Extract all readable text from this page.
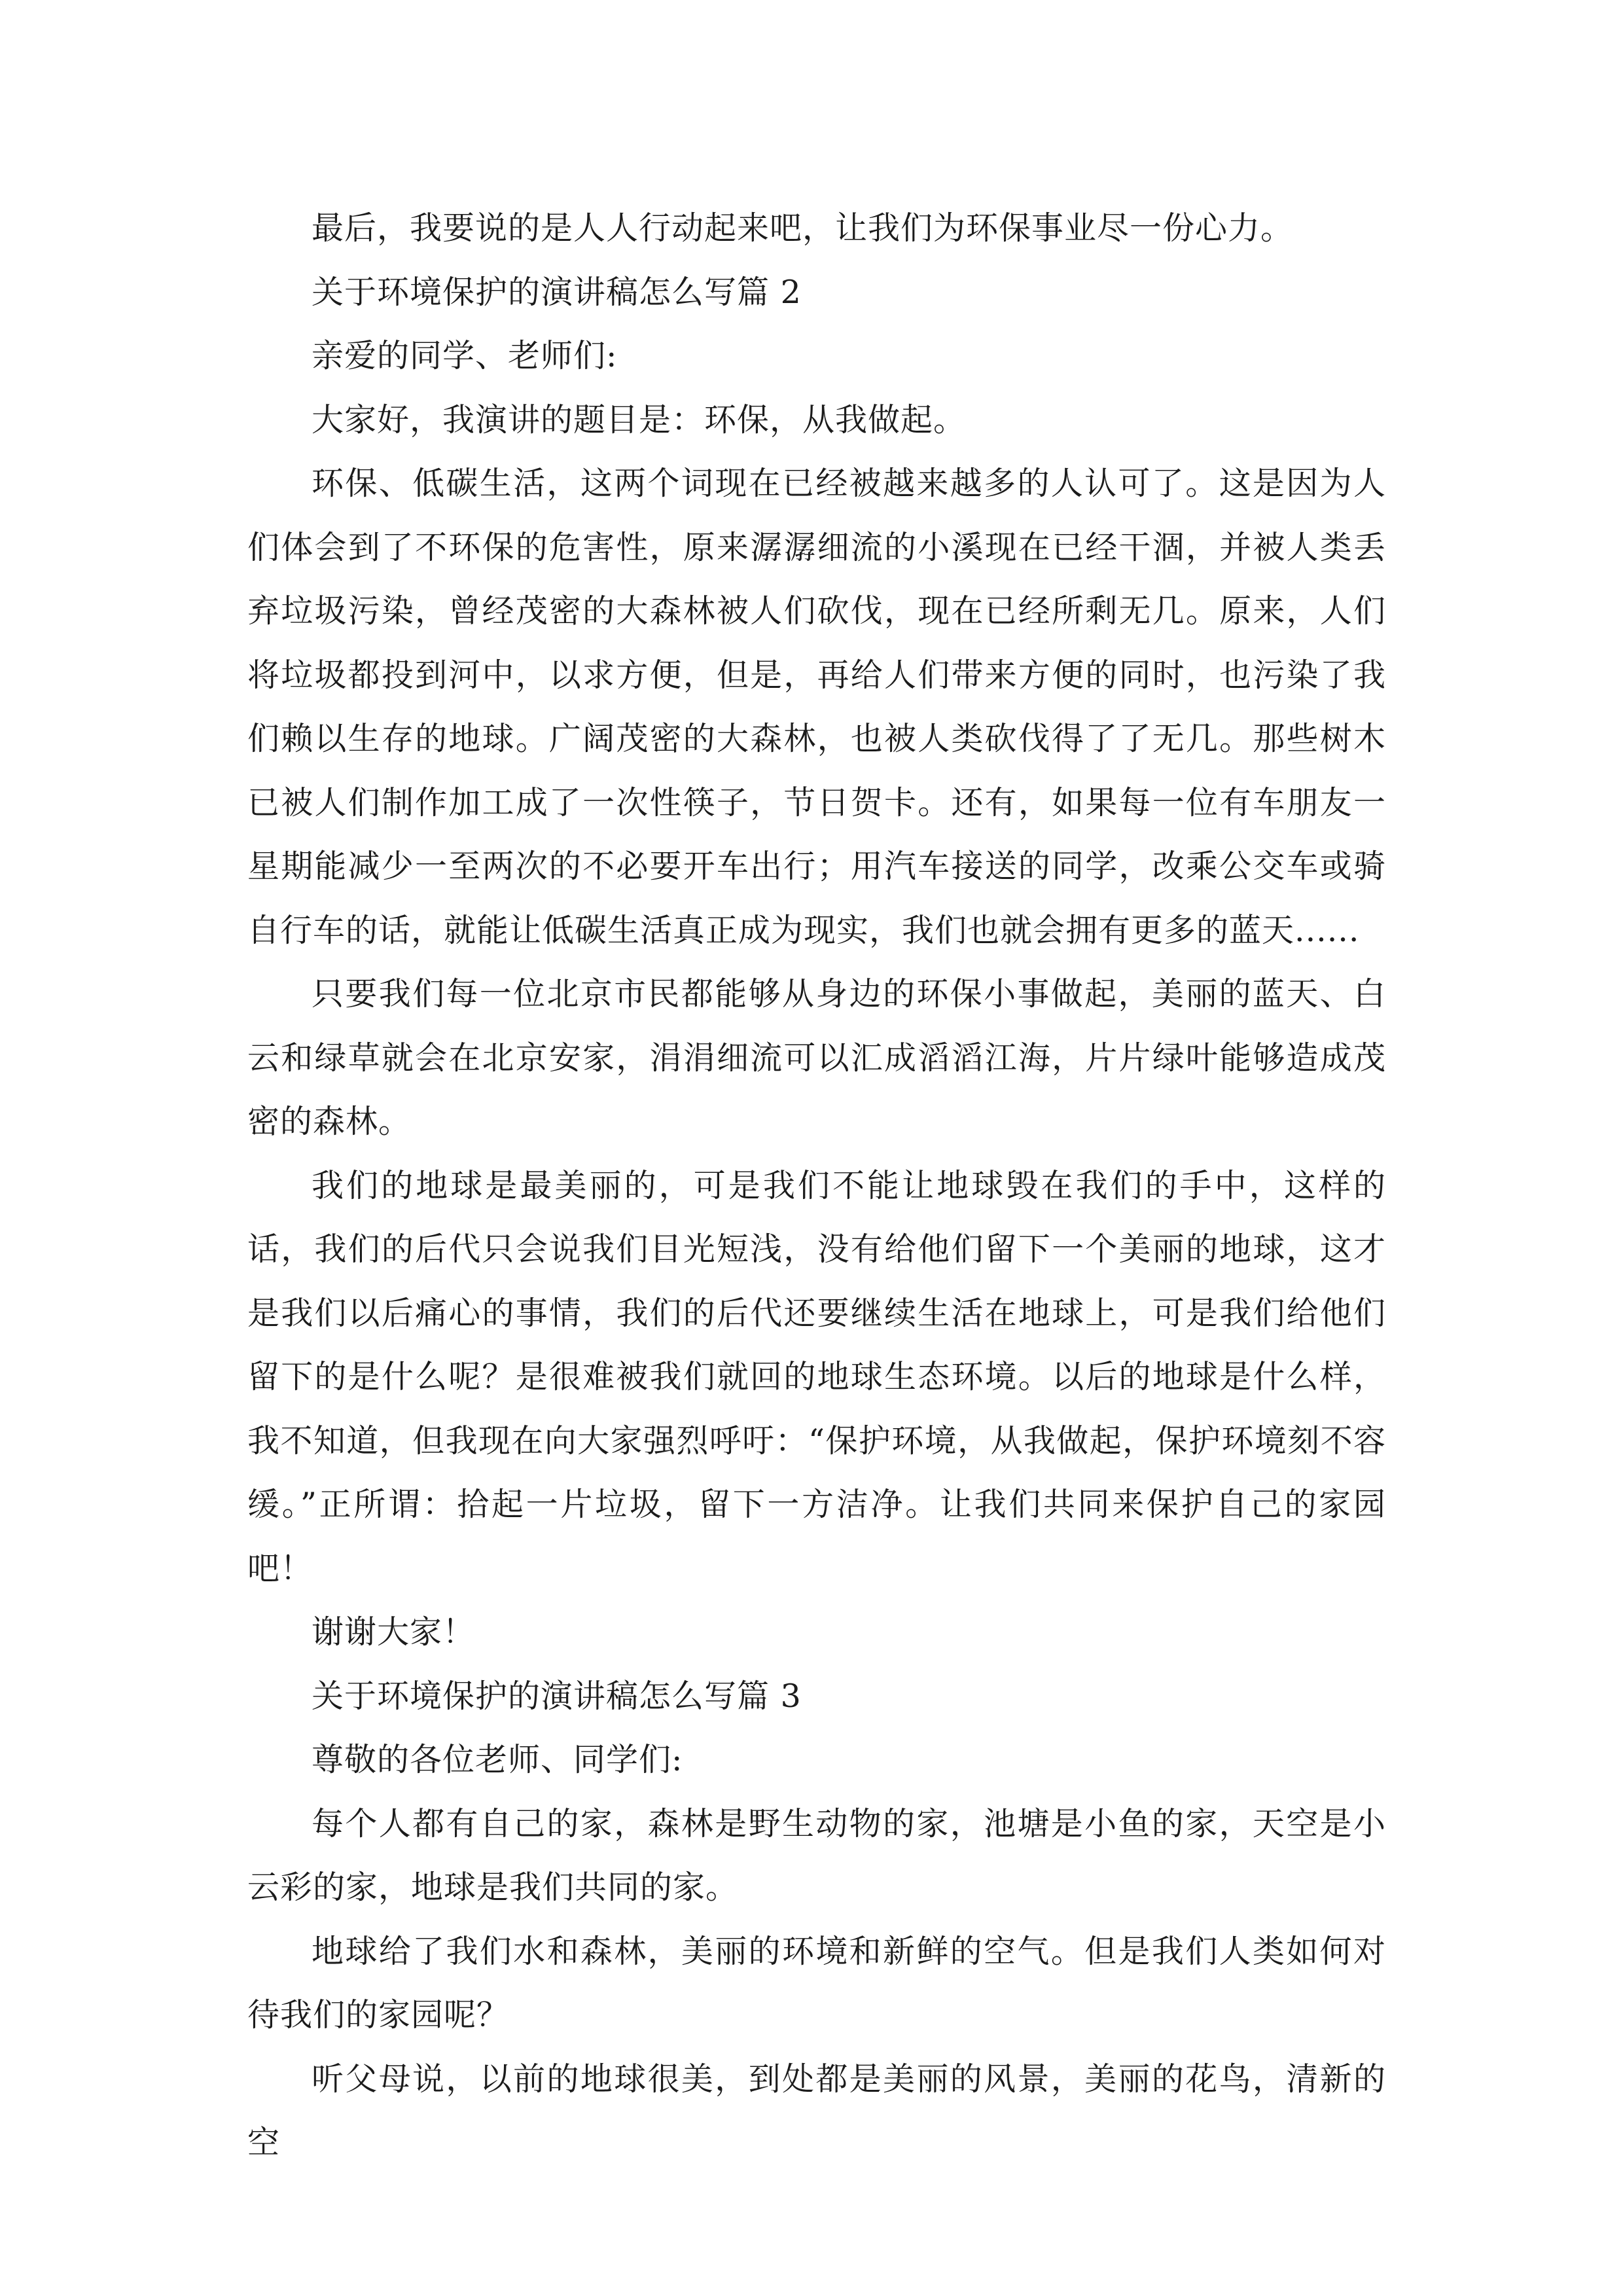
最后，我要说的是人人行动起来吧，让我们为环保事业尽一份心力。

关于环境保护的演讲稿怎么写篇 2

亲爱的同学、老师们:

大家好，我演讲的题目是：环保，从我做起。

环保、低碳生活，这两个词现在已经被越来越多的人认可了。这是因为人们体会到了不环保的危害性，原来潺潺细流的小溪现在已经干涸，并被人类丢弃垃圾污染，曾经茂密的大森林被人们砍伐，现在已经所剩无几。原来，人们将垃圾都投到河中，以求方便，但是，再给人们带来方便的同时，也污染了我们赖以生存的地球。广阔茂密的大森林，也被人类砍伐得了了无几。那些树木已被人们制作加工成了一次性筷子，节日贺卡。还有，如果每一位有车朋友一星期能减少一至两次的不必要开车出行；用汽车接送的同学，改乘公交车或骑自行车的话，就能让低碳生活真正成为现实，我们也就会拥有更多的蓝天......

只要我们每一位北京市民都能够从身边的环保小事做起，美丽的蓝天、白云和绿草就会在北京安家，涓涓细流可以汇成滔滔江海，片片绿叶能够造成茂密的森林。

我们的地球是最美丽的，可是我们不能让地球毁在我们的手中，这样的话，我们的后代只会说我们目光短浅，没有给他们留下一个美丽的地球，这才是我们以后痛心的事情，我们的后代还要继续生活在地球上，可是我们给他们留下的是什么呢？是很难被我们就回的地球生态环境。以后的地球是什么样，我不知道，但我现在向大家强烈呼吁：“保护环境，从我做起，保护环境刻不容缓。”正所谓：拾起一片垃圾，留下一方洁净。让我们共同来保护自己的家园吧！

谢谢大家！

关于环境保护的演讲稿怎么写篇 3

尊敬的各位老师、同学们:

每个人都有自己的家，森林是野生动物的家，池塘是小鱼的家，天空是小云彩的家，地球是我们共同的家。

地球给了我们水和森林，美丽的环境和新鲜的空气。但是我们人类如何对待我们的家园呢？

听父母说，以前的地球很美，到处都是美丽的风景，美丽的花鸟，清新的空
